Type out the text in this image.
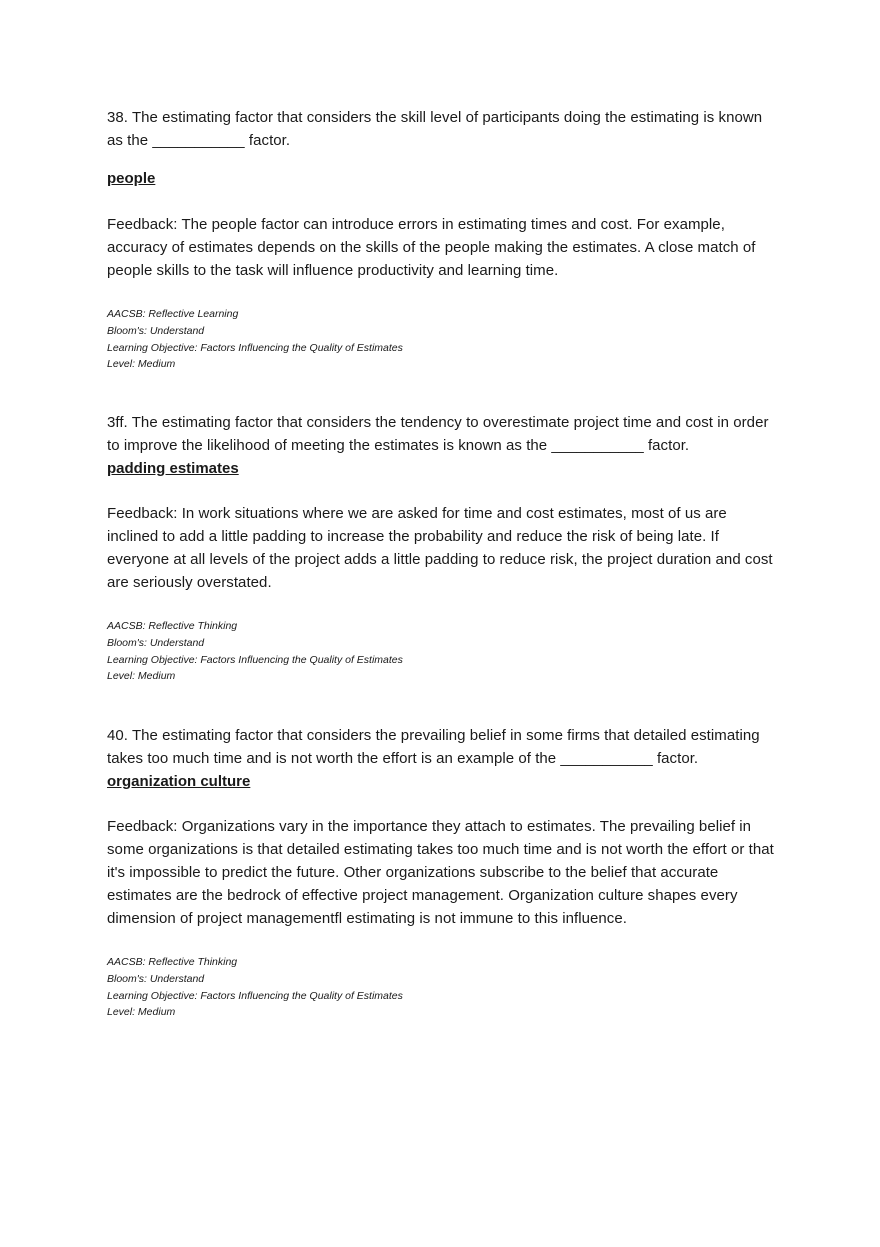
38. The estimating factor that considers the skill level of participants doing the estimating is known as the ___________ factor.

people

Feedback: The people factor can introduce errors in estimating times and cost. For example, accuracy of estimates depends on the skills of the people making the estimates. A close match of people skills to the task will influence productivity and learning time.

AACSB: Reflective Learning
Bloom's: Understand
Learning Objective: Factors Influencing the Quality of Estimates
Level: Medium

3ff. The estimating factor that considers the tendency to overestimate project time and cost in order to improve the likelihood of meeting the estimates is known as the ___________ factor.

padding estimates

Feedback: In work situations where we are asked for time and cost estimates, most of us are inclined to add a little padding to increase the probability and reduce the risk of being late. If everyone at all levels of the project adds a little padding to reduce risk, the project duration and cost are seriously overstated.

AACSB: Reflective Thinking
Bloom's: Understand
Learning Objective: Factors Influencing the Quality of Estimates
Level: Medium

40. The estimating factor that considers the prevailing belief in some firms that detailed estimating takes too much time and is not worth the effort is an example of the ___________ factor.

organization culture

Feedback: Organizations vary in the importance they attach to estimates. The prevailing belief in some organizations is that detailed estimating takes too much time and is not worth the effort or that it's impossible to predict the future. Other organizations subscribe to the belief that accurate estimates are the bedrock of effective project management. Organization culture shapes every dimension of project managementfl estimating is not immune to this influence.

AACSB: Reflective Thinking
Bloom's: Understand
Learning Objective: Factors Influencing the Quality of Estimates
Level: Medium
